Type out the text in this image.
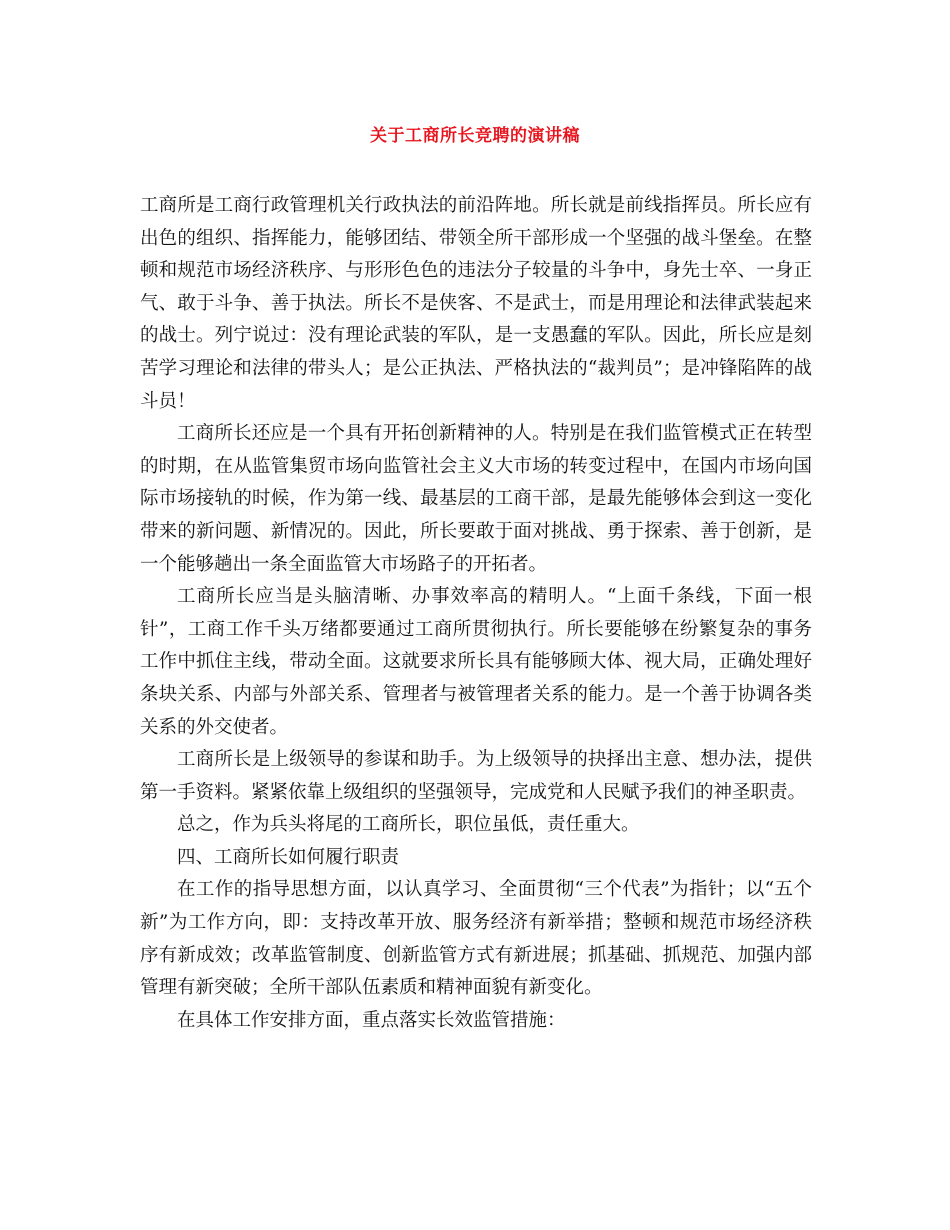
关于工商所长竞聘的演讲稿

工商所是工商行政管理机关行政执法的前沿阵地。所长就是前线指挥员。所长应有出色的组织、指挥能力，能够团结、带领全所干部形成一个坚强的战斗堡垒。在整顿和规范市场经济秩序、与形形色色的违法分子较量的斗争中，身先士卒、一身正气、敢于斗争、善于执法。所长不是侠客、不是武士，而是用理论和法律武装起来的战士。列宁说过：没有理论武装的军队，是一支愚蠢的军队。因此，所长应是刻苦学习理论和法律的带头人；是公正执法、严格执法的“裁判员”；是冲锋陷阵的战斗员！

工商所长还应是一个具有开拓创新精神的人。特别是在我们监管模式正在转型的时期，在从监管集贸市场向监管社会主义大市场的转变过程中，在国内市场向国际市场接轨的时候，作为第一线、最基层的工商干部，是最先能够体会到这一变化带来的新问题、新情况的。因此，所长要敢于面对挑战、勇于探索、善于创新，是一个能够趟出一条全面监管大市场路子的开拓者。

工商所长应当是头脑清晰、办事效率高的精明人。“上面千条线，下面一根针”，工商工作千头万绪都要通过工商所贯彻执行。所长要能够在纷繁复杂的事务工作中抓住主线，带动全面。这就要求所长具有能够顾大体、视大局，正确处理好条块关系、内部与外部关系、管理者与被管理者关系的能力。是一个善于协调各类关系的外交使者。

工商所长是上级领导的参谋和助手。为上级领导的抉择出主意、想办法，提供第一手资料。紧紧依靠上级组织的坚强领导，完成党和人民赋予我们的神圣职责。

总之，作为兵头将尾的工商所长，职位虽低，责任重大。

四、工商所长如何履行职责

在工作的指导思想方面，以认真学习、全面贯彻“三个代表”为指针；以“五个新”为工作方向，即：支持改革开放、服务经济有新举措；整顿和规范市场经济秩序有新成效；改革监管制度、创新监管方式有新进展；抓基础、抓规范、加强内部管理有新突破；全所干部队伍素质和精神面貌有新变化。

在具体工作安排方面，重点落实长效监管措施：
